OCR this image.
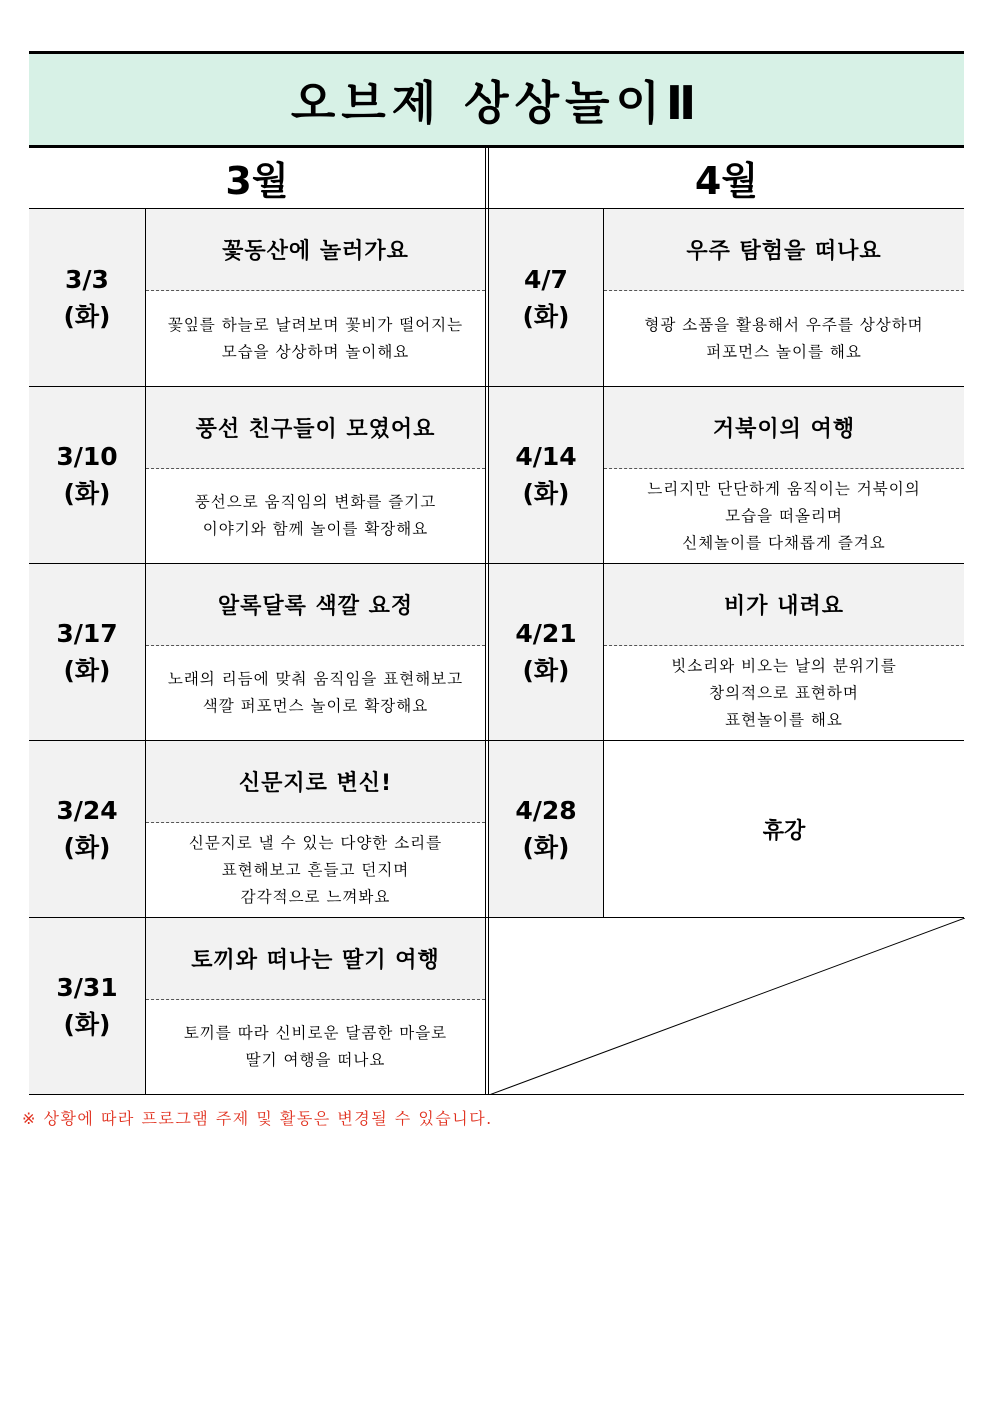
오브제 상상놀이Ⅱ
3월	4월
3/3
(화)
꽃동산에 놀러가요
꽃잎를 하늘로 날려보며 꽃비가 떨어지는
모습을 상상하며 놀이해요
3/10
(화)
풍선 친구들이 모였어요
풍선으로 움직임의 변화를 즐기고
이야기와 함께 놀이를 확장해요
3/17
(화)
알록달록 색깔 요정
노래의 리듬에 맞춰 움직임을 표현해보고
색깔 퍼포먼스 놀이로 확장해요
3/24
(화)
신문지로 변신!
신문지로 낼 수 있는 다양한 소리를
표현해보고 흔들고 던지며
감각적으로 느껴봐요
3/31
(화)
토끼와 떠나는 딸기 여행
토끼를 따라 신비로운 달콤한 마을로
딸기 여행을 떠나요
4/7
(화)
우주 탐험을 떠나요
형광 소품을 활용해서 우주를 상상하며
퍼포먼스 놀이를 해요
4/14
(화)
거북이의 여행
느리지만 단단하게 움직이는 거북이의
모습을 떠올리며
신체놀이를 다채롭게 즐겨요
4/21
(화)
비가 내려요
빗소리와 비오는 날의 분위기를
창의적으로 표현하며
표현놀이를 해요
4/28
(화)
휴강
※ 상황에 따라 프로그램 주제 및 활동은 변경될 수 있습니다.
